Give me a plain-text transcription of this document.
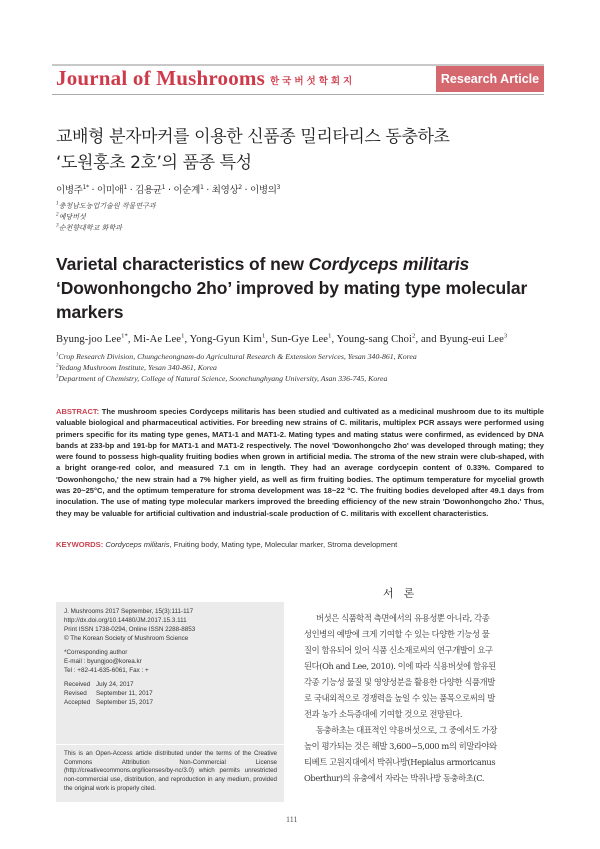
Journal of Mushrooms 한국버섯학회지	Research Article
교배형 분자마커를 이용한 신품종 밀리타리스 동충하초
‘도원홍초 2호’의 품종 특성
이병주$^{1*}$ · 이미애$^1$ · 김용균$^1$ · 이순계$^1$ · 최영상$^2$ · 이병의$^3$
$^1$충청남도농업기술원 작물연구과
$^2$예당버섯
$^3$순천향대학교 화학과
Varietal characteristics of new Cordyceps militaris
‘Dowonhongcho 2ho’ improved by mating type molecular
markers
Byung-joo Lee$^{1*}$, Mi-Ae Lee$^1$, Yong-Gyun Kim$^1$, Sun-Gye Lee$^1$, Young-sang Choi$^2$, and Byung-eui Lee$^3$
$^1$Crop Research Division, Chungcheongnam-do Agricultural Research & Extension Services, Yesan 340-861, Korea
$^2$Yedang Mushroom Institute, Yesan 340-861, Korea
$^3$Department of Chemistry, College of Natural Science, Soonchunghyang University, Asan 336-745, Korea
ABSTRACT: The mushroom species Cordyceps militaris has been studied and cultivated as a medicinal mushroom due to its multiple valuable biological and pharmaceutical activities. For breeding new strains of C. militaris, multiplex PCR assays were performed using primers specific for its mating type genes, MAT1-1 and MAT1-2. Mating types and mating status were confirmed, as evidenced by DNA bands at 233-bp and 191-bp for MAT1-1 and MAT1-2 respectively. The novel 'Dowonhongcho 2ho' was developed through mating; they were found to possess high-quality fruiting bodies when grown in artificial media. The stroma of the new strain were club-shaped, with a bright orange-red color, and measured 7.1 cm in length. They had an average cordycepin content of 0.33%. Compared to 'Dowonhongcho,' the new strain had a 7% higher yield, as well as firm fruiting bodies. The optimum temperature for mycelial growth was 20~25°C, and the optimum temperature for stroma development was 18~22 °C. The fruiting bodies developed after 49.1 days from inoculation. The use of mating type molecular markers improved the breeding efficiency of the new strain 'Dowonhongcho 2ho.' Thus, they may be valuable for artificial cultivation and industrial-scale production of C. militaris with excellent characteristics.
KEYWORDS: Cordyceps militaris, Fruiting body, Mating type, Molecular marker, Stroma development
J. Mushrooms 2017 September, 15(3):111-117
http://dx.doi.org/10.14480/JM.2017.15.3.111
Print ISSN 1738-0294, Online ISSN 2288-8853
© The Korean Society of Mushroom Science
*Corresponding author
E-mail : byungjoo@korea.kr
Tel : +82-41-635-6061, Fax : +
Received July 24, 2017
Revised September 11, 2017
Accepted September 15, 2017
This is an Open-Access article distributed under the terms of the Creative Commons Attribution Non-Commercial License (http://creativecommons.org/licenses/by-nc/3.0) which permits unrestricted non-commercial use, distribution, and reproduction in any medium, provided the original work is properly cited.
서론
버섯은 식품학적 측면에서의 유용성뿐 아니라, 각종
성인병의 예방에 크게 기여할 수 있는 다양한 기능성 물
질이 함유되어 있어 식품 신소재로써의 연구개발이 요구
된다(Oh and Lee, 2010). 이에 따라 식용버섯에 함유된
각종 기능성 물질 및 영양성분을 활용한 다양한 식품개발
로 국내외적으로 경쟁력을 높일 수 있는 품목으로써의 발
전과 농가 소득증대에 기여할 것으로 전망된다.
동충하초는 대표적인 약용버섯으로, 그 중에서도 가장
높이 평가되는 것은 해발 3,600~5,000 m의 히말라야와
티베트 고원지대에서 박쥐나방(Hepialus armoricanus
Oberthur)의 유충에서 자라는 박쥐나방 동충하초(C.
111
